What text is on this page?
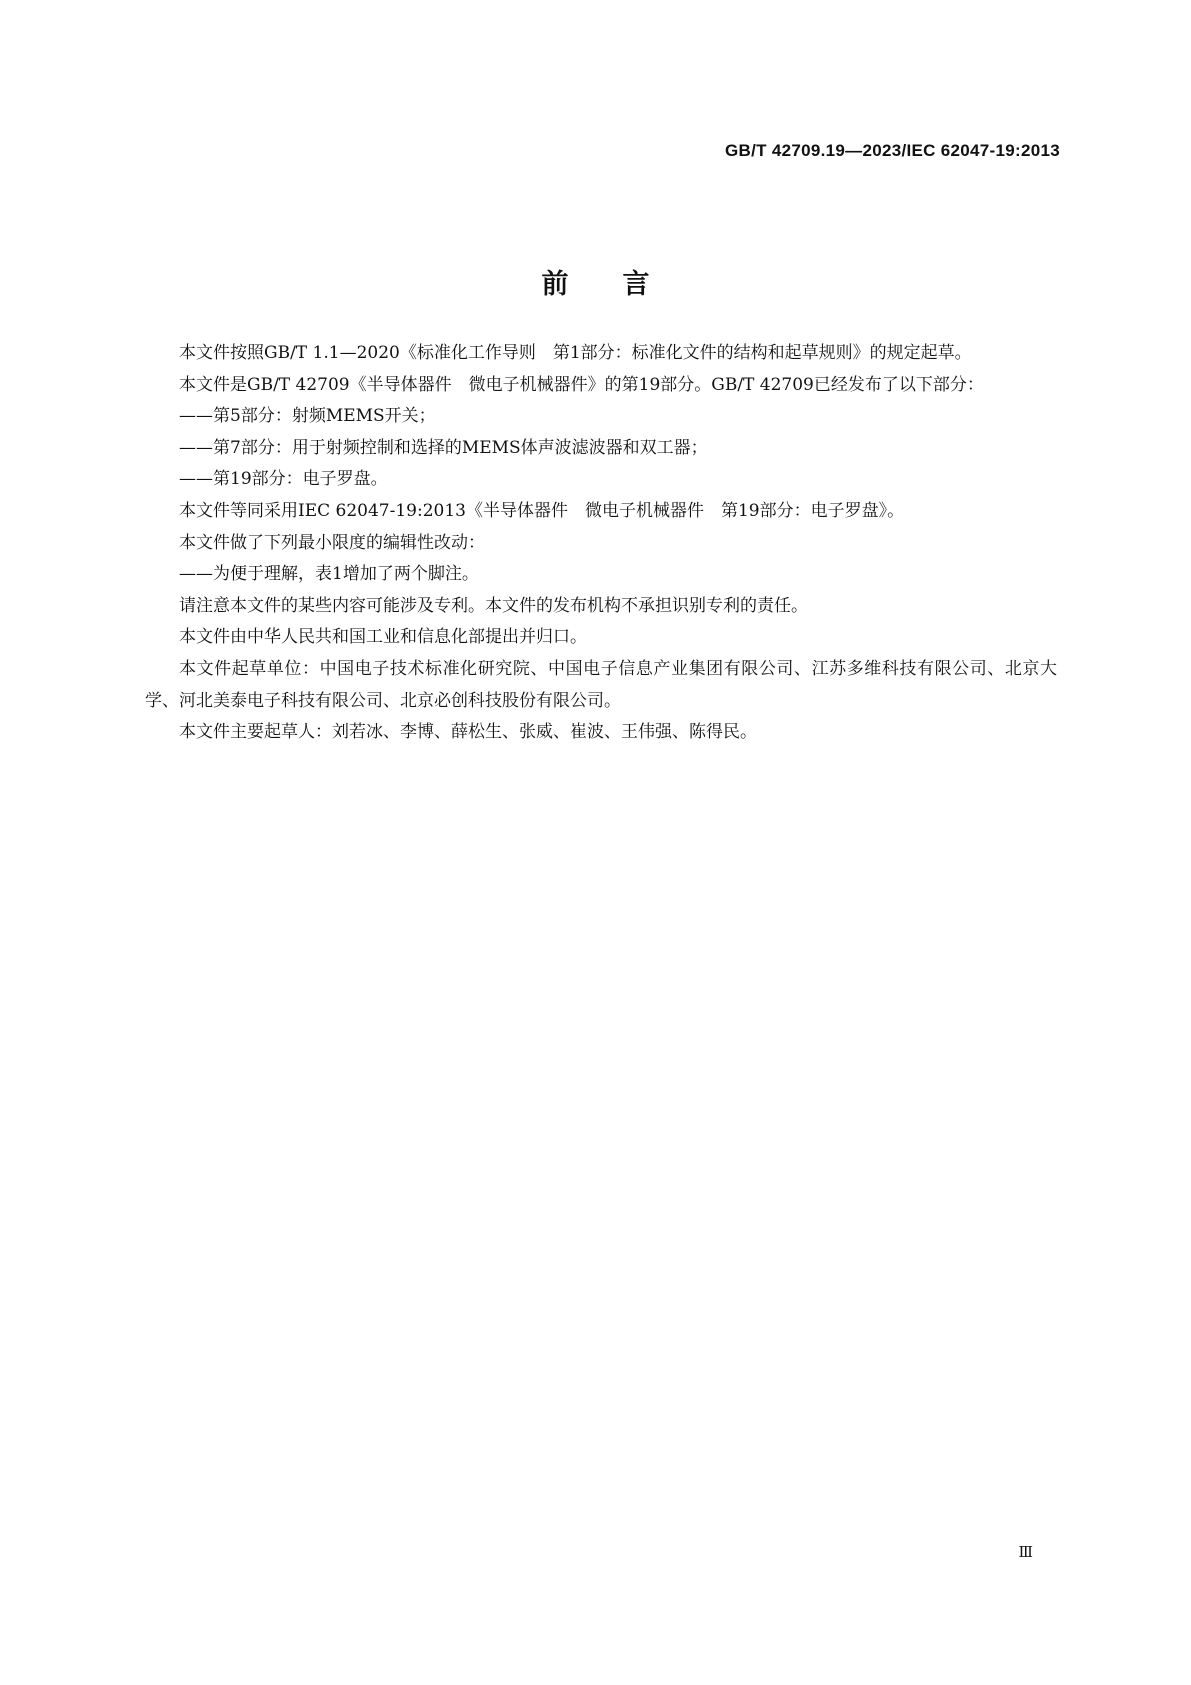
GB/T 42709.19—2023/IEC 62047-19:2013
前言

本文件按照GB/T 1.1—2020《标准化工作导则　第1部分：标准化文件的结构和起草规则》的规定起草。

本文件是GB/T 42709《半导体器件　微电子机械器件》的第19部分。GB/T 42709已经发布了以下部分：

——第5部分：射频MEMS开关；

——第7部分：用于射频控制和选择的MEMS体声波滤波器和双工器；

——第19部分：电子罗盘。

本文件等同采用IEC 62047-19:2013《半导体器件　微电子机械器件　第19部分：电子罗盘》。

本文件做了下列最小限度的编辑性改动：

——为便于理解，表1增加了两个脚注。

请注意本文件的某些内容可能涉及专利。本文件的发布机构不承担识别专利的责任。

本文件由中华人民共和国工业和信息化部提出并归口。

本文件起草单位：中国电子技术标准化研究院、中国电子信息产业集团有限公司、江苏多维科技有限公司、北京大学、河北美泰电子科技有限公司、北京必创科技股份有限公司。

本文件主要起草人：刘若冰、李博、薛松生、张威、崔波、王伟强、陈得民。

Ⅲ
